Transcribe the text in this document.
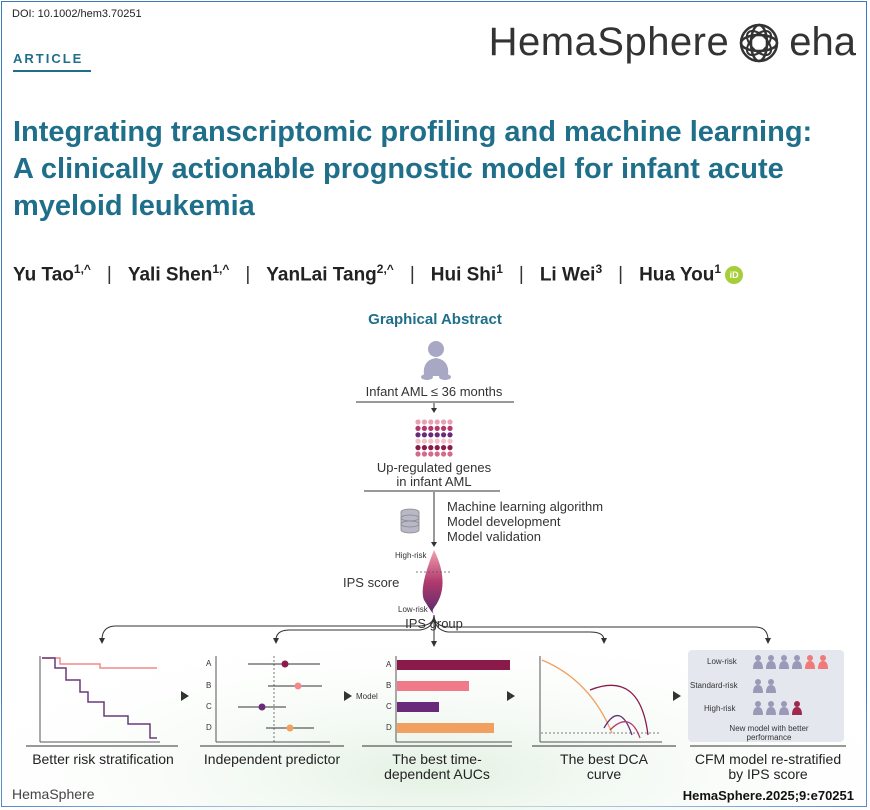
DOI: 10.1002/hem3.70251
ARTICLE	HemaSphere eha
Integrating transcriptomic profiling and machine learning: A clinically actionable prognostic model for infant acute myeloid leukemia
Yu Tao$^{1,\^{}}$ | Yali Shen$^{1,\^{}}$ | YanLai Tang$^{2,\^{}}$ | Hui Shi$^1$ | Li Wei$^3$ | Hua You$^1$ iD
Graphical Abstract
Infant AML ≤ 36 months
Up-regulated genes
in infant AML
Machine learning algorithm
Model development
Model validation
High-risk
IPS score
Low-risk
IPS group
A
B
C
D
A
B
C
D
Model
Low-risk
Standard-risk
High-risk
New model with better performance
Better risk stratification Independent predictor	The best time-dependent AUCs
The best DCA curve
CFM model re-stratified by IPS score
HemaSphere	HemaSphere.2025;9:e70251
